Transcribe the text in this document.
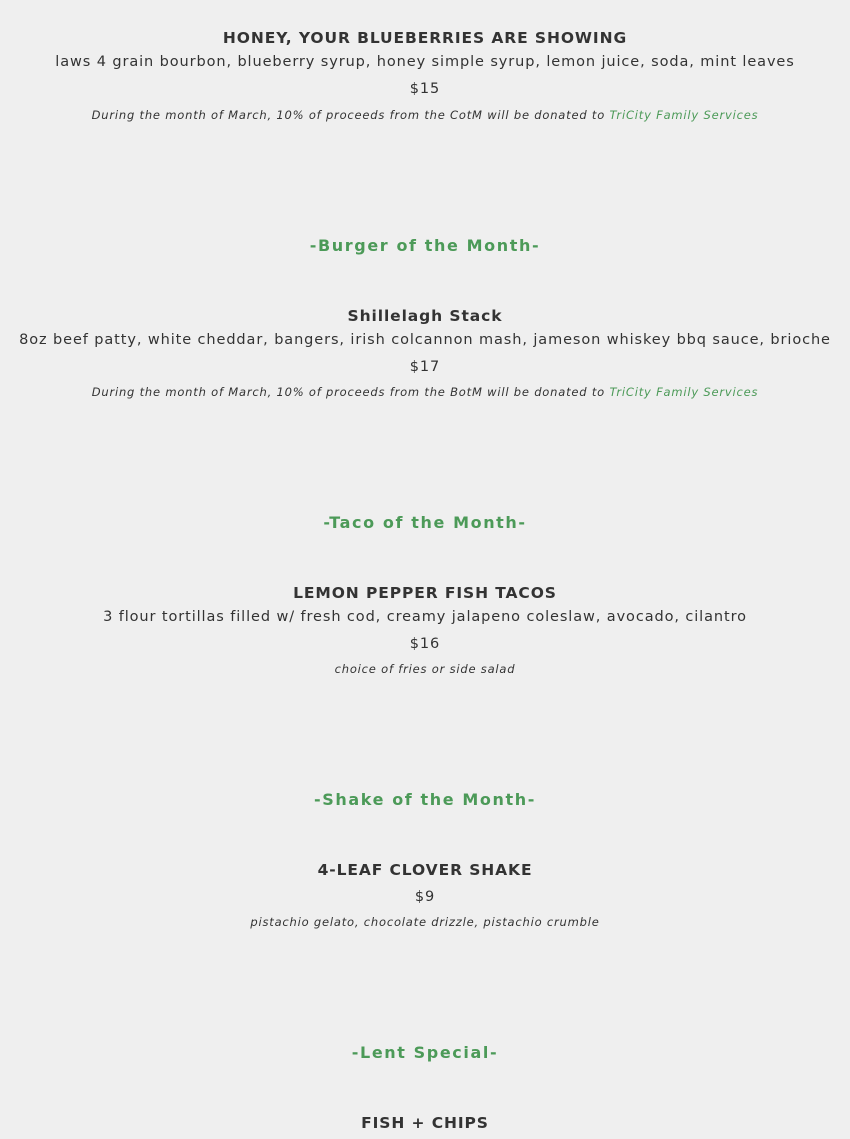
HONEY, YOUR BLUEBERRIES ARE SHOWING
laws 4 grain bourbon, blueberry syrup, honey simple syrup, lemon juice, soda, mint leaves
$15
During the month of March, 10% of proceeds from the CotM will be donated to TriCity Family Services
-Burger of the Month-
Shillelagh Stack
8oz beef patty, white cheddar, bangers, irish colcannon mash, jameson whiskey bbq sauce, brioche
$17
During the month of March, 10% of proceeds from the BotM will be donated to TriCity Family Services
-Taco of the Month-
LEMON PEPPER FISH TACOS
3 flour tortillas filled w/ fresh cod, creamy jalapeno coleslaw, avocado, cilantro
$16
choice of fries or side salad
-Shake of the Month-
4-LEAF CLOVER SHAKE
$9
pistachio gelato, chocolate drizzle, pistachio crumble
-Lent Special-
FISH + CHIPS
